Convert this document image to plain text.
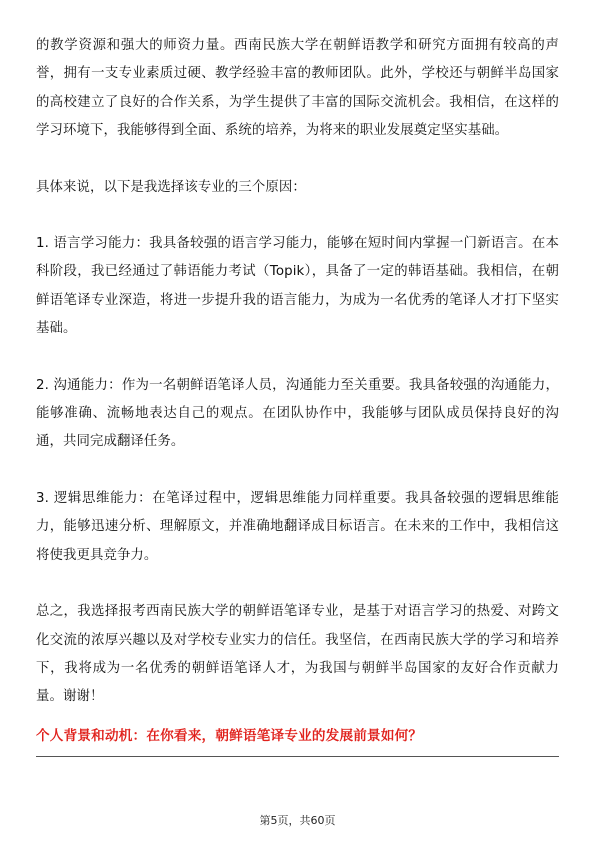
的教学资源和强大的师资力量。西南民族大学在朝鲜语教学和研究方面拥有较高的声誉，拥有一支专业素质过硬、教学经验丰富的教师团队。此外，学校还与朝鲜半岛国家的高校建立了良好的合作关系，为学生提供了丰富的国际交流机会。我相信，在这样的学习环境下，我能够得到全面、系统的培养，为将来的职业发展奠定坚实基础。

具体来说，以下是我选择该专业的三个原因：

1. 语言学习能力：我具备较强的语言学习能力，能够在短时间内掌握一门新语言。在本科阶段，我已经通过了韩语能力考试（Topik），具备了一定的韩语基础。我相信，在朝鲜语笔译专业深造，将进一步提升我的语言能力，为成为一名优秀的笔译人才打下坚实基础。

2. 沟通能力：作为一名朝鲜语笔译人员，沟通能力至关重要。我具备较强的沟通能力，能够准确、流畅地表达自己的观点。在团队协作中，我能够与团队成员保持良好的沟通，共同完成翻译任务。

3. 逻辑思维能力：在笔译过程中，逻辑思维能力同样重要。我具备较强的逻辑思维能力，能够迅速分析、理解原文，并准确地翻译成目标语言。在未来的工作中，我相信这将使我更具竞争力。

总之，我选择报考西南民族大学的朝鲜语笔译专业，是基于对语言学习的热爱、对跨文化交流的浓厚兴趣以及对学校专业实力的信任。我坚信，在西南民族大学的学习和培养下，我将成为一名优秀的朝鲜语笔译人才，为我国与朝鲜半岛国家的友好合作贡献力量。谢谢！

个人背景和动机：在你看来，朝鲜语笔译专业的发展前景如何？

第5页，共60页
